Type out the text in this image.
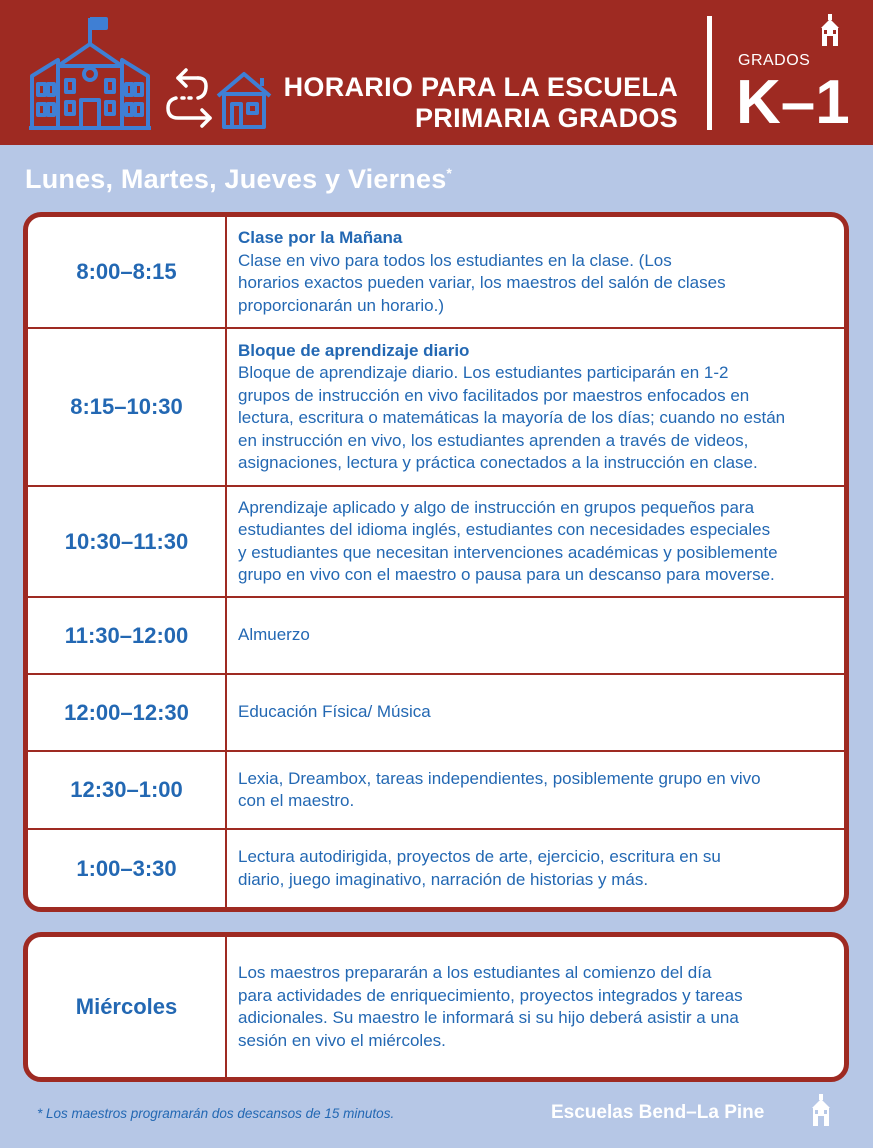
HORARIO PARA LA ESCUELA
PRIMARIA GRADOS
GRADOS
K–1
Lunes, Martes, Jueves y Viernes*
8:00–8:15
Clase por la Mañana
Clase en vivo para todos los estudiantes en la clase. (Los
horarios exactos pueden variar, los maestros del salón de clases
proporcionarán un horario.)
8:15–10:30
Bloque de aprendizaje diario
Bloque de aprendizaje diario. Los estudiantes participarán en 1-2
grupos de instrucción en vivo facilitados por maestros enfocados en
lectura, escritura o matemáticas la mayoría de los días; cuando no están
en instrucción en vivo, los estudiantes aprenden a través de videos,
asignaciones, lectura y práctica conectados a la instrucción en clase.
10:30–11:30
Aprendizaje aplicado y algo de instrucción en grupos pequeños para
estudiantes del idioma inglés, estudiantes con necesidades especiales
y estudiantes que necesitan intervenciones académicas y posiblemente
grupo en vivo con el maestro o pausa para un descanso para moverse.
11:30–12:00	Almuerzo
12:00–12:30	Educación Física/ Música
12:30–1:00	Lexia, Dreambox, tareas independientes, posiblemente grupo en vivo
con el maestro.
1:00–3:30	Lectura autodirigida, proyectos de arte, ejercicio, escritura en su
diario, juego imaginativo, narración de historias y más.
Miércoles
Los maestros prepararán a los estudiantes al comienzo del día
para actividades de enriquecimiento, proyectos integrados y tareas
adicionales. Su maestro le informará si su hijo deberá asistir a una
sesión en vivo el miércoles.
* Los maestros programarán dos descansos de 15 minutos.	Escuelas Bend–La Pine
